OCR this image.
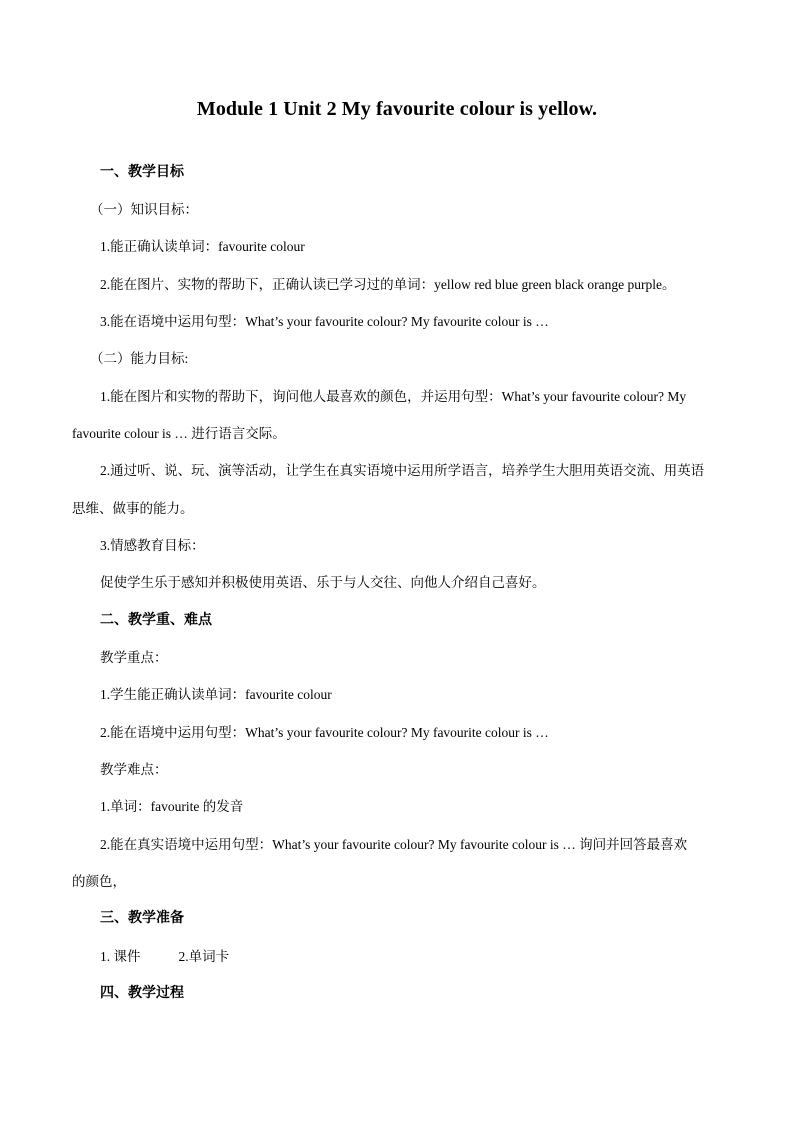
Module 1 Unit 2 My favourite colour is yellow.
一、教学目标
（一）知识目标：
1.能正确认读单词：favourite colour
2.能在图片、实物的帮助下，正确认读已学习过的单词：yellow red blue green black orange purple。
3.能在语境中运用句型：What’s your favourite colour? My favourite colour is …
（二）能力目标:
1.能在图片和实物的帮助下，询问他人最喜欢的颜色，并运用句型：What’s your favourite colour? My
favourite colour is … 进行语言交际。
2.通过听、说、玩、演等活动，让学生在真实语境中运用所学语言，培养学生大胆用英语交流、用英语
思维、做事的能力。
3.情感教育目标：
促使学生乐于感知并积极使用英语、乐于与人交往、向他人介绍自己喜好。
二、教学重、难点
教学重点：
1.学生能正确认读单词：favourite colour
2.能在语境中运用句型：What’s your favourite colour? My favourite colour is …
教学难点：
1.单词：favourite 的发音
2.能在真实语境中运用句型：What’s your favourite colour? My favourite colour is … 询问并回答最喜欢
的颜色，
三、教学准备
1. 课件	2.单词卡
四、教学过程
